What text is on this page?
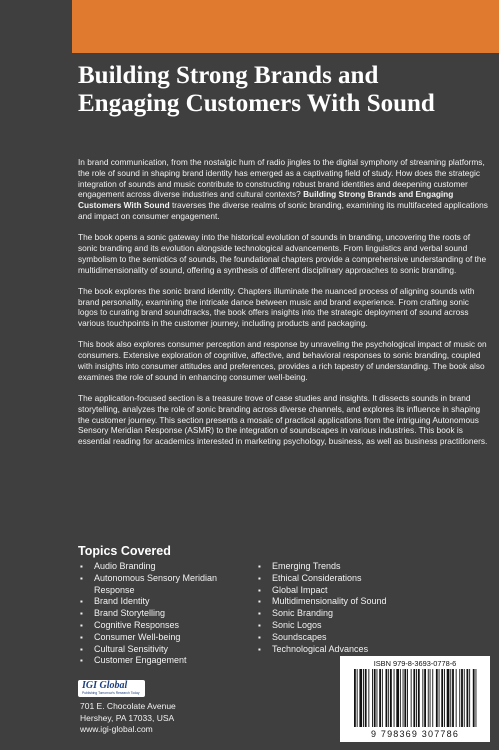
Building Strong Brands and Engaging Customers With Sound

In brand communication, from the nostalgic hum of radio jingles to the digital symphony of streaming platforms, the role of sound in shaping brand identity has emerged as a captivating field of study. How does the strategic integration of sounds and music contribute to constructing robust brand identities and deepening customer engagement across diverse industries and cultural contexts? Building Strong Brands and Engaging Customers With Sound traverses the diverse realms of sonic branding, examining its multifaceted applications and impact on consumer engagement.

The book opens a sonic gateway into the historical evolution of sounds in branding, uncovering the roots of sonic branding and its evolution alongside technological advancements. From linguistics and verbal sound symbolism to the semiotics of sounds, the foundational chapters provide a comprehensive understanding of the multidimensionality of sound, offering a synthesis of different disciplinary approaches to sonic branding.

The book explores the sonic brand identity. Chapters illuminate the nuanced process of aligning sounds with brand personality, examining the intricate dance between music and brand experience. From crafting sonic logos to curating brand soundtracks, the book offers insights into the strategic deployment of sound across various touchpoints in the customer journey, including products and packaging.

This book also explores consumer perception and response by unraveling the psychological impact of music on consumers. Extensive exploration of cognitive, affective, and behavioral responses to sonic branding, coupled with insights into consumer attitudes and preferences, provides a rich tapestry of understanding. The book also examines the role of sound in enhancing consumer well-being.

The application-focused section is a treasure trove of case studies and insights. It dissects sounds in brand storytelling, analyzes the role of sonic branding across diverse channels, and explores its influence in shaping the customer journey. This section presents a mosaic of practical applications from the intriguing Autonomous Sensory Meridian Response (ASMR) to the integration of soundscapes in various industries. This book is essential reading for academics interested in marketing psychology, business, as well as business practitioners.

Topics Covered
▪ Audio Branding
▪ Autonomous Sensory Meridian Response
▪ Brand Identity
▪ Brand Storytelling
▪ Cognitive Responses
▪ Consumer Well-being
▪ Cultural Sensitivity
▪ Customer Engagement
▪ Emerging Trends
▪ Ethical Considerations
▪ Global Impact
▪ Multidimensionality of Sound
▪ Sonic Branding
▪ Sonic Logos
▪ Soundscapes
▪ Technological Advances
IGI Global
Publishing Tomorrow's Research Today
701 E. Chocolate Avenue
Hershey, PA 17033, USA
www.igi-global.com
ISBN 979-8-3693-0778-6
9 798369 307786
